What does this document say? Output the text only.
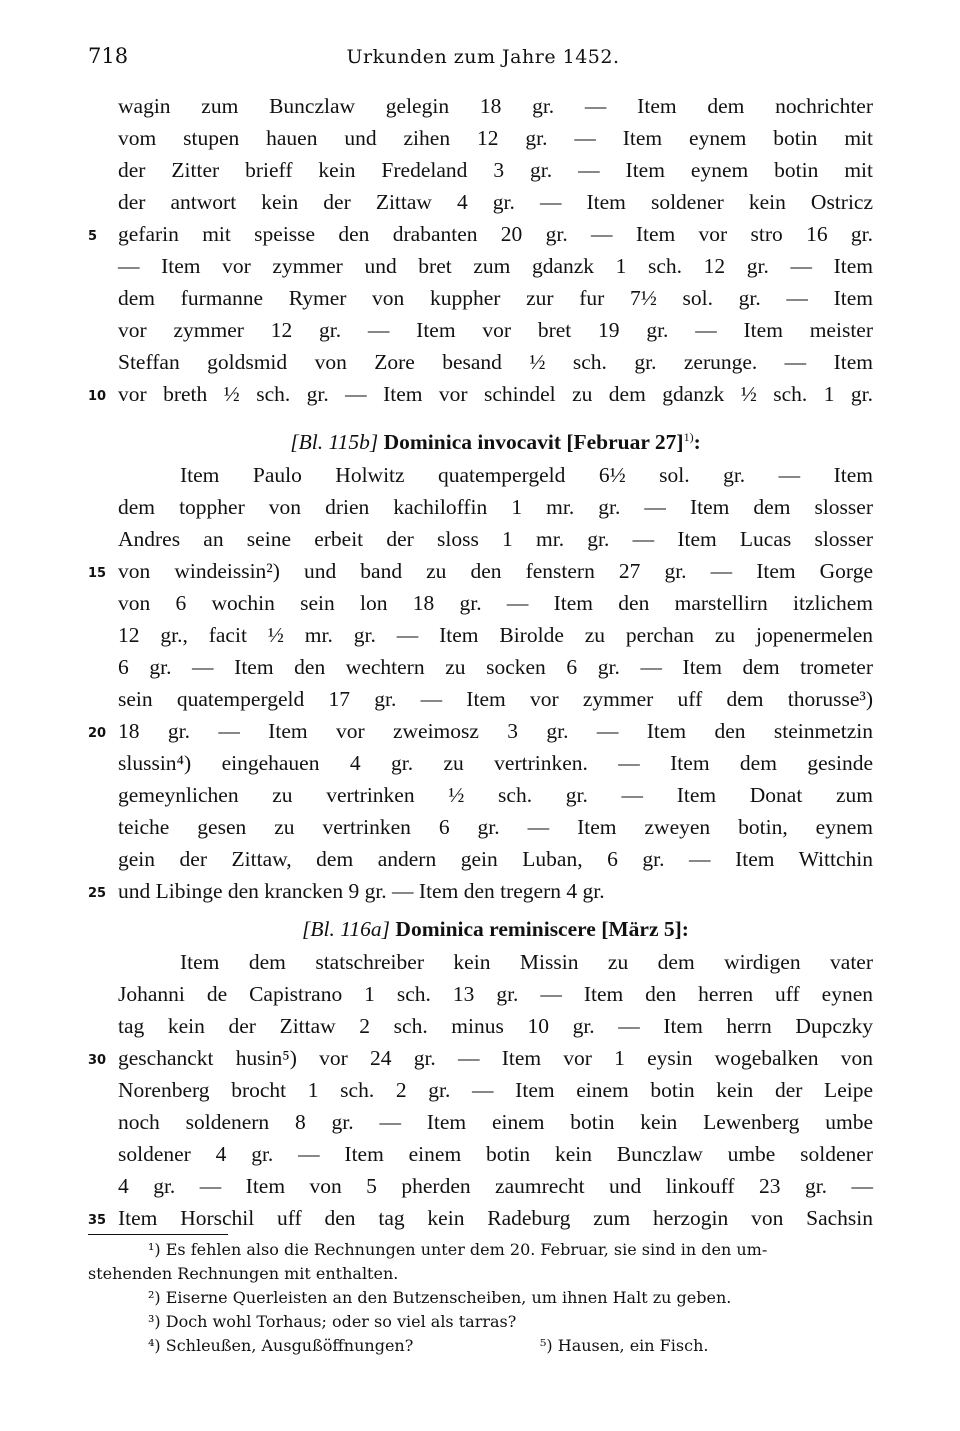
718	Urkunden zum Jahre 1452.
wagin zum Bunczlaw gelegin 18 gr. — Item dem nochrichter
vom stupen hauen und zihen 12 gr. — Item eynem botin mit
der Zitter brieff kein Fredeland 3 gr. — Item eynem botin mit
der antwort kein der Zittaw 4 gr. — Item soldener kein Ostricz
5 gefarin mit speisse den drabanten 20 gr. — Item vor stro 16 gr.
— Item vor zymmer und bret zum gdanzk 1 sch. 12 gr. — Item
dem furmanne Rymer von kuppher zur fur 7½ sol. gr. — Item
vor zymmer 12 gr. — Item vor bret 19 gr. — Item meister
Steffan goldsmid von Zore besand ½ sch. gr. zerunge. — Item
10 vor breth ½ sch. gr. — Item vor schindel zu dem gdanzk ½ sch. 1 gr.
[Bl. 115b] Dominica invocavit [Februar 27]$^{1)}$:
Item Paulo Holwitz quatempergeld 6½ sol. gr. — Item
dem toppher von drien kachiloffin 1 mr. gr. — Item dem slosser
Andres an seine erbeit der sloss 1 mr. gr. — Item Lucas slosser
15 von windeissin²) und band zu den fenstern 27 gr. — Item Gorge
von 6 wochin sein lon 18 gr. — Item den marstellirn itzlichem
12 gr., facit ½ mr. gr. — Item Birolde zu perchan zu jopenermelen
6 gr. — Item den wechtern zu socken 6 gr. — Item dem trometer
sein quatempergeld 17 gr. — Item vor zymmer uff dem thorusse³)
20 18 gr. — Item vor zweimosz 3 gr. — Item den steinmetzin
slussin⁴) eingehauen 4 gr. zu vertrinken. — Item dem gesinde
gemeynlichen zu vertrinken ½ sch. gr. — Item Donat zum
teiche gesen zu vertrinken 6 gr. — Item zweyen botin, eynem
gein der Zittaw, dem andern gein Luban, 6 gr. — Item Wittchin
25 und Libinge den krancken 9 gr. — Item den tregern 4 gr.
[Bl. 116a] Dominica reminiscere [März 5]:
Item dem statschreiber kein Missin zu dem wirdigen vater
Johanni de Capistrano 1 sch. 13 gr. — Item den herren uff eynen
tag kein der Zittaw 2 sch. minus 10 gr. — Item herrn Dupczky
30 geschanckt husin⁵) vor 24 gr. — Item vor 1 eysin wogebalken von
Norenberg brocht 1 sch. 2 gr. — Item einem botin kein der Leipe
noch soldenern 8 gr. — Item einem botin kein Lewenberg umbe
soldener 4 gr. — Item einem botin kein Bunczlaw umbe soldener
4 gr. — Item von 5 pherden zaumrecht und linkouff 23 gr. —
35 Item Horschil uff den tag kein Radeburg zum herzogin von Sachsin
¹) Es fehlen also die Rechnungen unter dem 20. Februar, sie sind in den um-
stehenden Rechnungen mit enthalten.
²) Eiserne Querleisten an den Butzenscheiben, um ihnen Halt zu geben.
³) Doch wohl Torhaus; oder so viel als tarras?
⁴) Schleußen, Ausgußöffnungen?	⁵) Hausen, ein Fisch.
